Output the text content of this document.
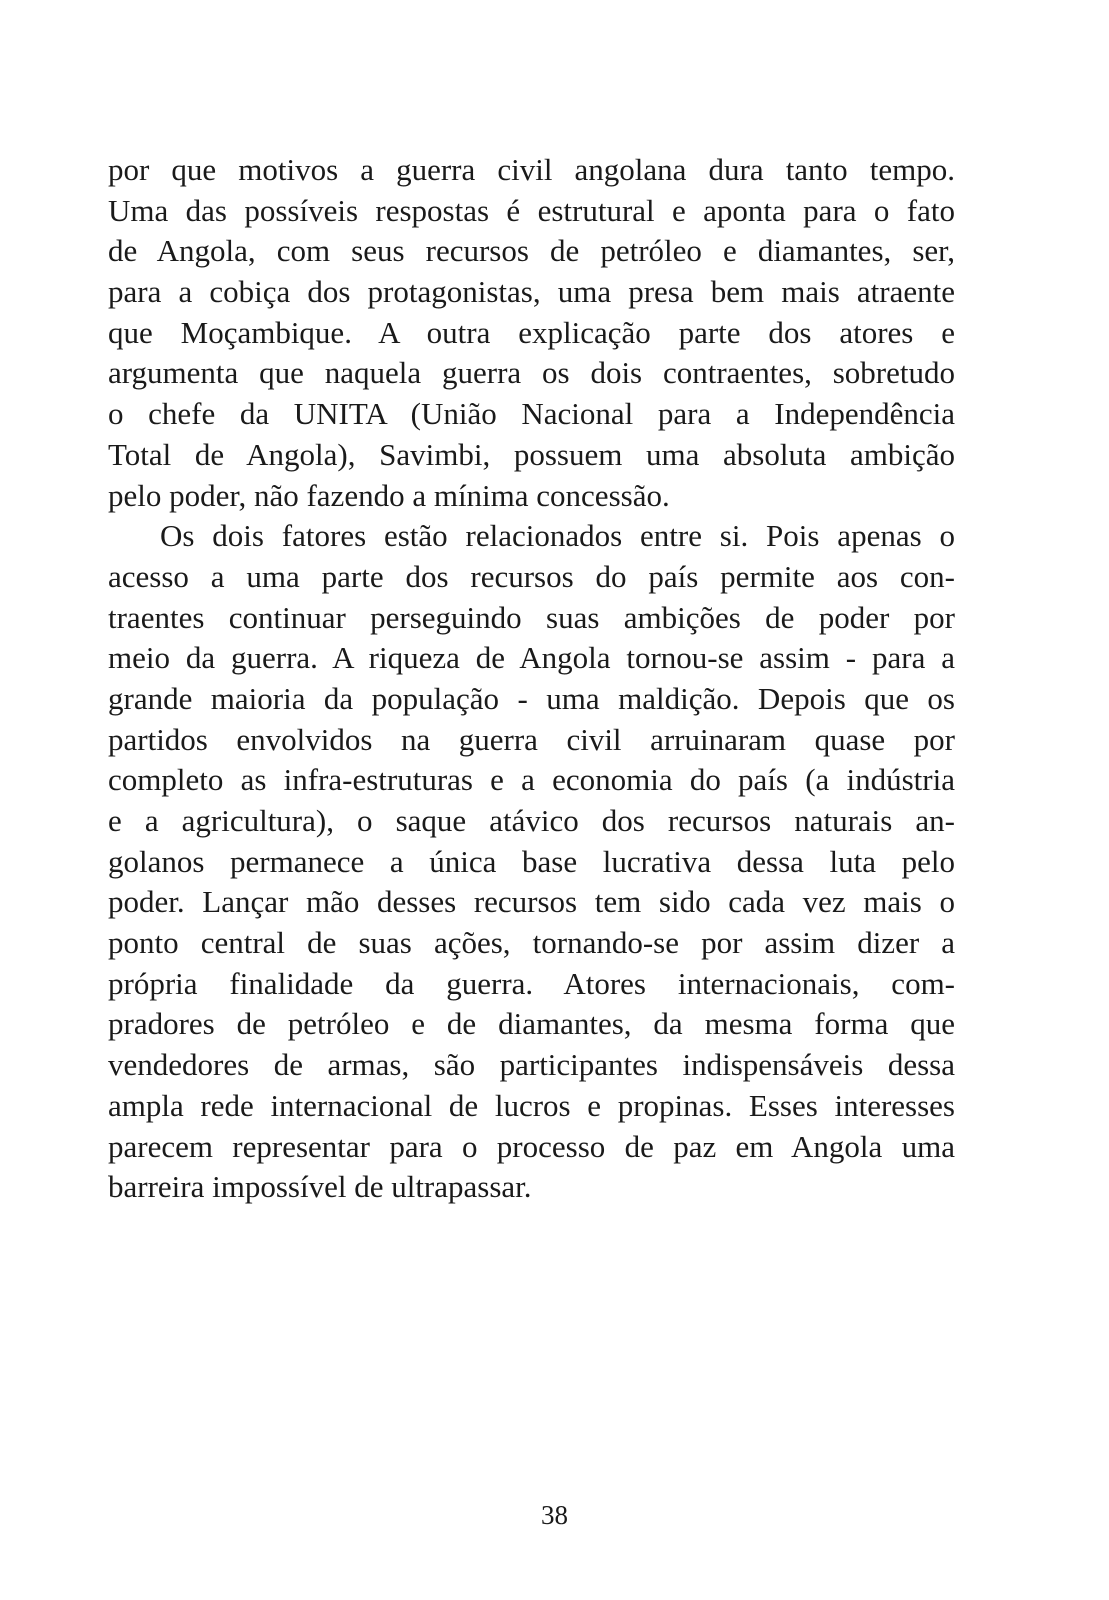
por que motivos a guerra civil angolana dura tanto tempo.
Uma das possíveis respostas é estrutural e aponta para o fato
de Angola, com seus recursos de petróleo e diamantes, ser,
para a cobiça dos protagonistas, uma presa bem mais atraente
que Moçambique. A outra explicação parte dos atores e
argumenta que naquela guerra os dois contraentes, sobretudo
o chefe da UNITA (União Nacional para a Independência
Total de Angola), Savimbi, possuem uma absoluta ambição
pelo poder, não fazendo a mínima concessão.
Os dois fatores estão relacionados entre si. Pois apenas o
acesso a uma parte dos recursos do país permite aos con-
traentes continuar perseguindo suas ambições de poder por
meio da guerra. A riqueza de Angola tornou-se assim - para a
grande maioria da população - uma maldição. Depois que os
partidos envolvidos na guerra civil arruinaram quase por
completo as infra-estruturas e a economia do país (a indústria
e a agricultura), o saque atávico dos recursos naturais an-
golanos permanece a única base lucrativa dessa luta pelo
poder. Lançar mão desses recursos tem sido cada vez mais o
ponto central de suas ações, tornando-se por assim dizer a
própria finalidade da guerra. Atores internacionais, com-
pradores de petróleo e de diamantes, da mesma forma que
vendedores de armas, são participantes indispensáveis dessa
ampla rede internacional de lucros e propinas. Esses interesses
parecem representar para o processo de paz em Angola uma
barreira impossível de ultrapassar.
38
